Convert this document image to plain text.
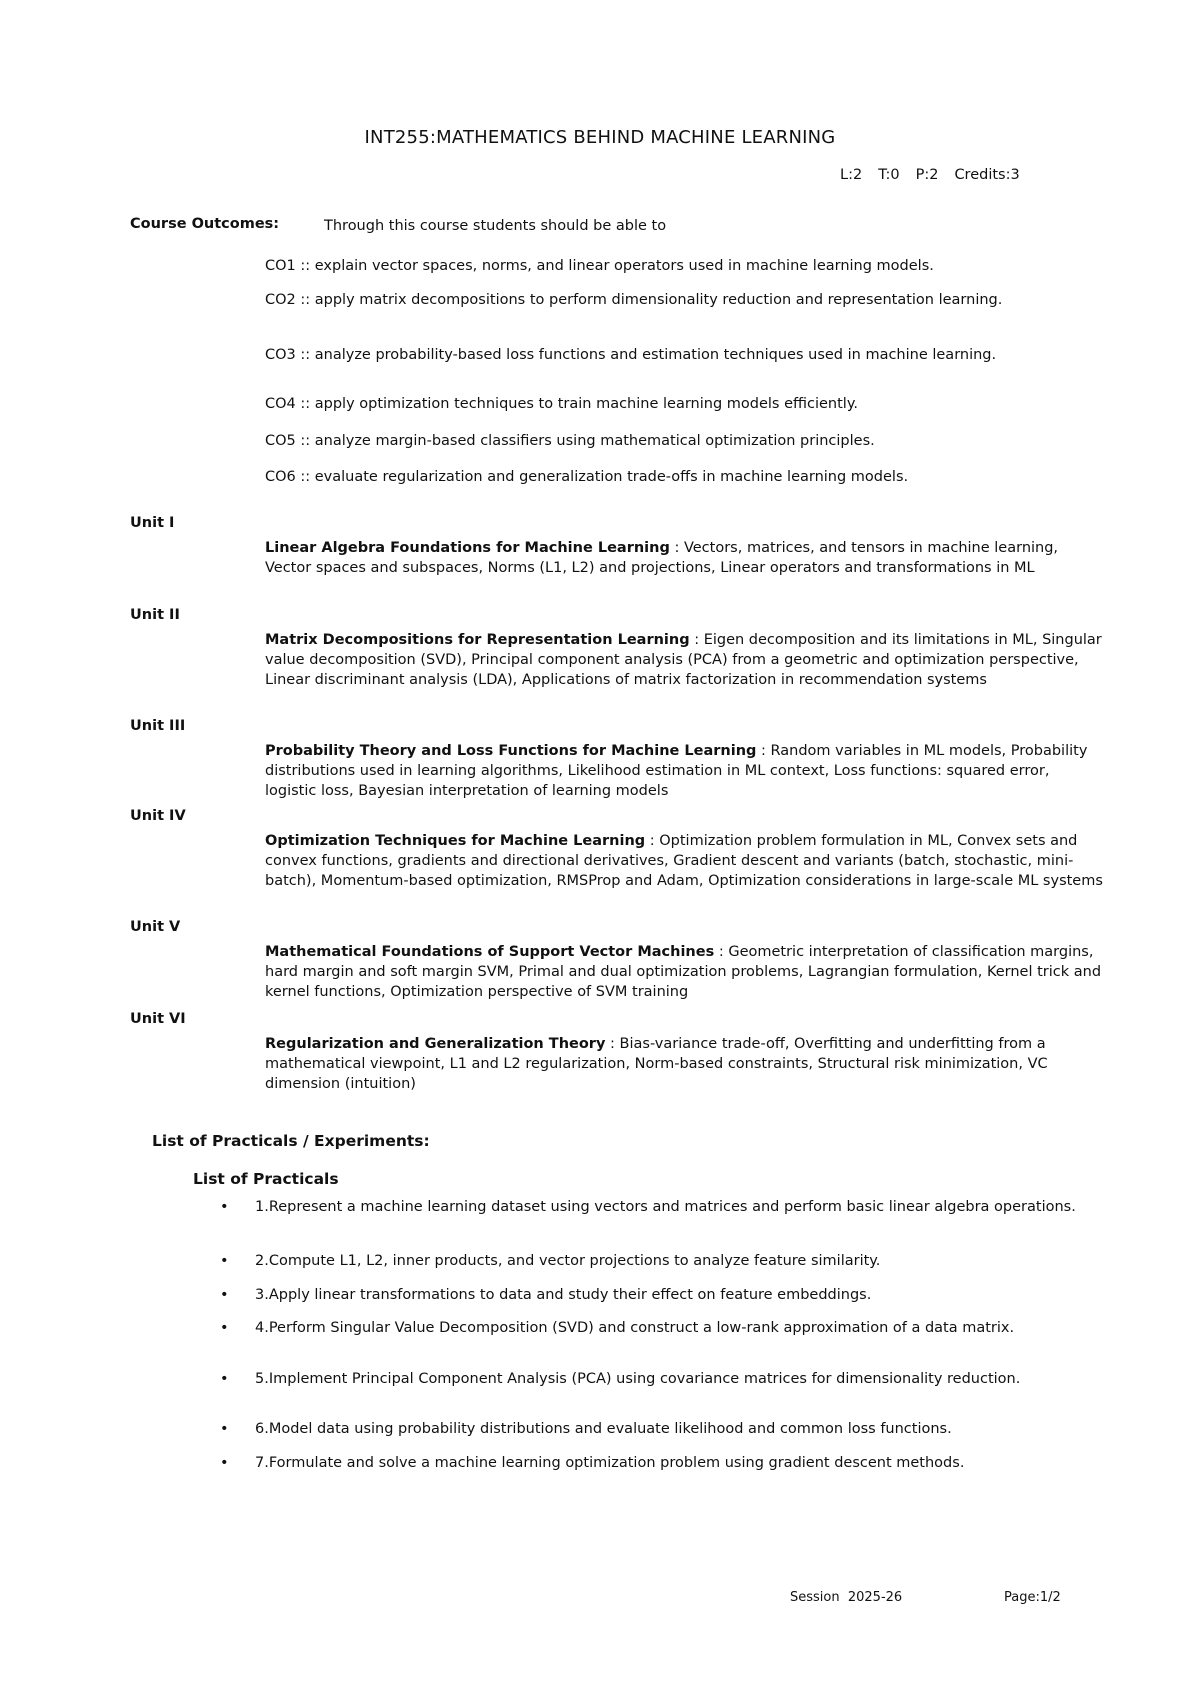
INT255:MATHEMATICS BEHIND MACHINE LEARNING
L:2 T:0 P:2 Credits:3
Course Outcomes:	Through this course students should be able to
CO1 :: explain vector spaces, norms, and linear operators used in machine learning models.
CO2 :: apply matrix decompositions to perform dimensionality reduction and representation learning.
CO3 :: analyze probability-based loss functions and estimation techniques used in machine learning.
CO4 :: apply optimization techniques to train machine learning models efficiently.
CO5 :: analyze margin-based classifiers using mathematical optimization principles.
CO6 :: evaluate regularization and generalization trade-offs in machine learning models.
Unit I
Linear Algebra Foundations for Machine Learning : Vectors, matrices, and tensors in machine learning, Vector spaces and subspaces, Norms (L1, L2) and projections, Linear operators and transformations in ML
Unit II
Matrix Decompositions for Representation Learning : Eigen decomposition and its limitations in ML, Singular value decomposition (SVD), Principal component analysis (PCA) from a geometric and optimization perspective, Linear discriminant analysis (LDA), Applications of matrix factorization in recommendation systems
Unit III
Probability Theory and Loss Functions for Machine Learning : Random variables in ML models, Probability distributions used in learning algorithms, Likelihood estimation in ML context, Loss functions: squared error, logistic loss, Bayesian interpretation of learning models
Unit IV
Optimization Techniques for Machine Learning : Optimization problem formulation in ML, Convex sets and convex functions, gradients and directional derivatives, Gradient descent and variants (batch, stochastic, mini-batch), Momentum-based optimization, RMSProp and Adam, Optimization considerations in large-scale ML systems
Unit V
Mathematical Foundations of Support Vector Machines : Geometric interpretation of classification margins, hard margin and soft margin SVM, Primal and dual optimization problems, Lagrangian formulation, Kernel trick and kernel functions, Optimization perspective of SVM training
Unit VI
Regularization and Generalization Theory : Bias-variance trade-off, Overfitting and underfitting from a mathematical viewpoint, L1 and L2 regularization, Norm-based constraints, Structural risk minimization, VC dimension (intuition)
List of Practicals / Experiments:
List of Practicals
•	1.Represent a machine learning dataset using vectors and matrices and perform basic linear algebra operations.
•	2.Compute L1, L2, inner products, and vector projections to analyze feature similarity.
•	3.Apply linear transformations to data and study their effect on feature embeddings.
•	4.Perform Singular Value Decomposition (SVD) and construct a low-rank approximation of a data matrix.
•	5.Implement Principal Component Analysis (PCA) using covariance matrices for dimensionality reduction.
•	6.Model data using probability distributions and evaluate likelihood and common loss functions.
•	7.Formulate and solve a machine learning optimization problem using gradient descent methods.
Session  2025-26	Page:1/2
